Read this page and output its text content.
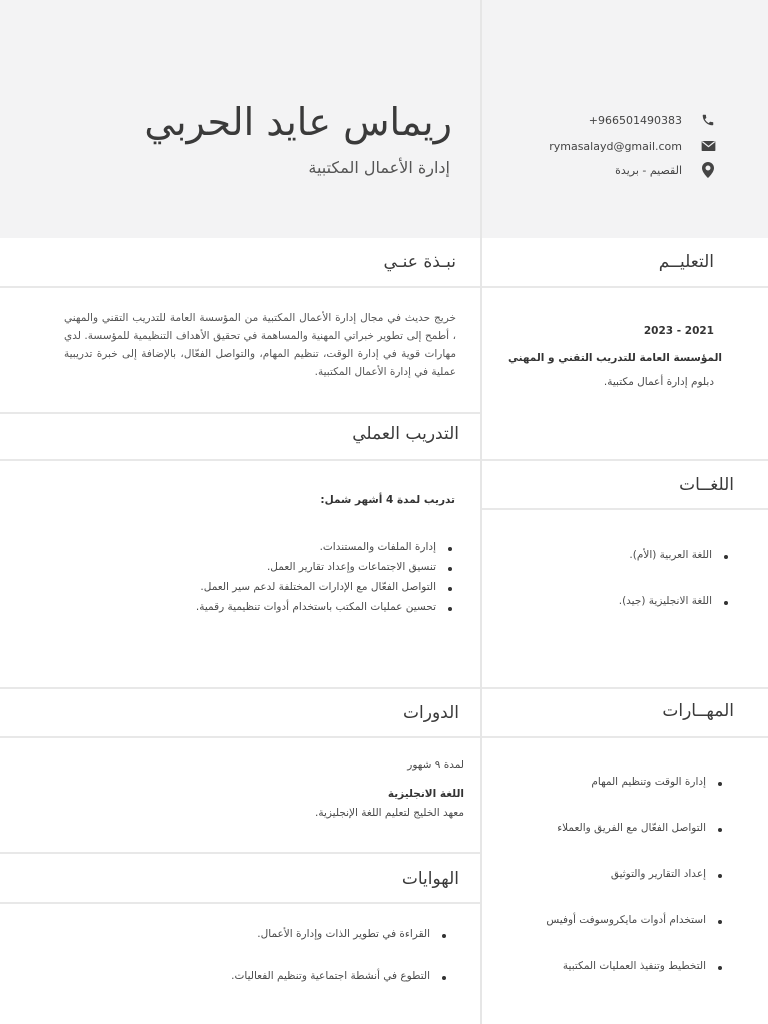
ريماس عايد الحربي
إدارة الأعمال المكتبية
+966501490383
rymasalayd@gmail.com
القصيم - بريدة
التعليــم
2021 - 2023
المؤسسة العامة للتدريب التقني و المهني
دبلوم إدارة أعمال مكتبية.
نبـذة عنـي
خريج حديث في مجال إدارة الأعمال المكتبية من المؤسسة العامة للتدريب التقني والمهني ، أطمح إلى تطوير خبراتي المهنية والمساهمة في تحقيق الأهداف التنظيمية للمؤسسة. لدي مهارات قوية في إدارة الوقت، تنظيم المهام، والتواصل الفعّال، بالإضافة إلى خبرة تدريبية عملية في إدارة الأعمال المكتبية.
التدريب العملي
تدريب لمدة 4 أشهر شمل:
إدارة الملفات والمستندات.
تنسيق الاجتماعات وإعداد تقارير العمل.
التواصل الفعّال مع الإدارات المختلفة لدعم سير العمل.
تحسين عمليات المكتب باستخدام أدوات تنظيمية رقمية.
اللغــات
اللغة العربية (الأم).
اللغة الانجليزية (جيد).
الدورات
لمدة ٩ شهور
اللغة الانجليزية
معهد الخليج لتعليم اللغة الإنجليزية.
الهوايات
القراءة في تطوير الذات وإدارة الأعمال.
التطوع في أنشطة اجتماعية وتنظيم الفعاليات.
المهــارات
إدارة الوقت وتنظيم المهام
التواصل الفعّال مع الفريق والعملاء
إعداد التقارير والتوثيق
استخدام أدوات مايكروسوفت أوفيس
التخطيط وتنفيذ العمليات المكتبية
